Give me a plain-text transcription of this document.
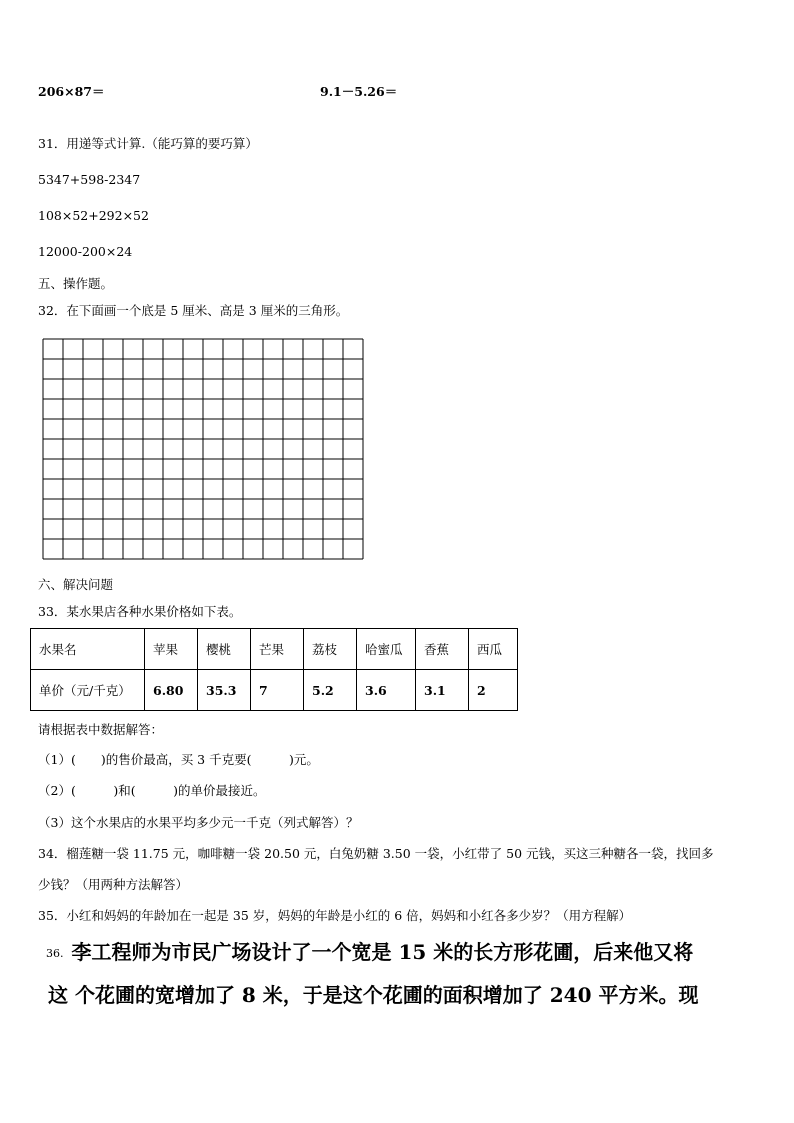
206×87＝	9.1－5.26＝
31．用递等式计算.（能巧算的要巧算）
5347+598-2347
108×52+292×52
12000-200×24
五、操作题。
32．在下面画一个底是 5 厘米、高是 3 厘米的三角形。
六、解决问题
33．某水果店各种水果价格如下表。
水果名	苹果	樱桃	芒果	荔枝	哈蜜瓜	香蕉	西瓜
单价（元/千克）	6.80	35.3	7	5.2	3.6	3.1	2
请根据表中数据解答：
（1）(　　)的售价最高，买 3 千克要(　　　)元。
（2）(　　　)和(　　　)的单价最接近。
（3）这个水果店的水果平均多少元一千克（列式解答）？
34．榴莲糖一袋 11.75 元，咖啡糖一袋 20.50 元，白兔奶糖 3.50 一袋，小红带了 50 元钱，买这三种糖各一袋，找回多
少钱？（用两种方法解答）
35．小红和妈妈的年龄加在一起是 35 岁，妈妈的年龄是小红的 6 倍，妈妈和小红各多少岁？（用方程解）
36. 李工程师为市民广场设计了一个宽是 15 米的长方形花圃，后来他又将
这 个花圃的宽增加了 8 米，于是这个花圃的面积增加了 240 平方米。现
